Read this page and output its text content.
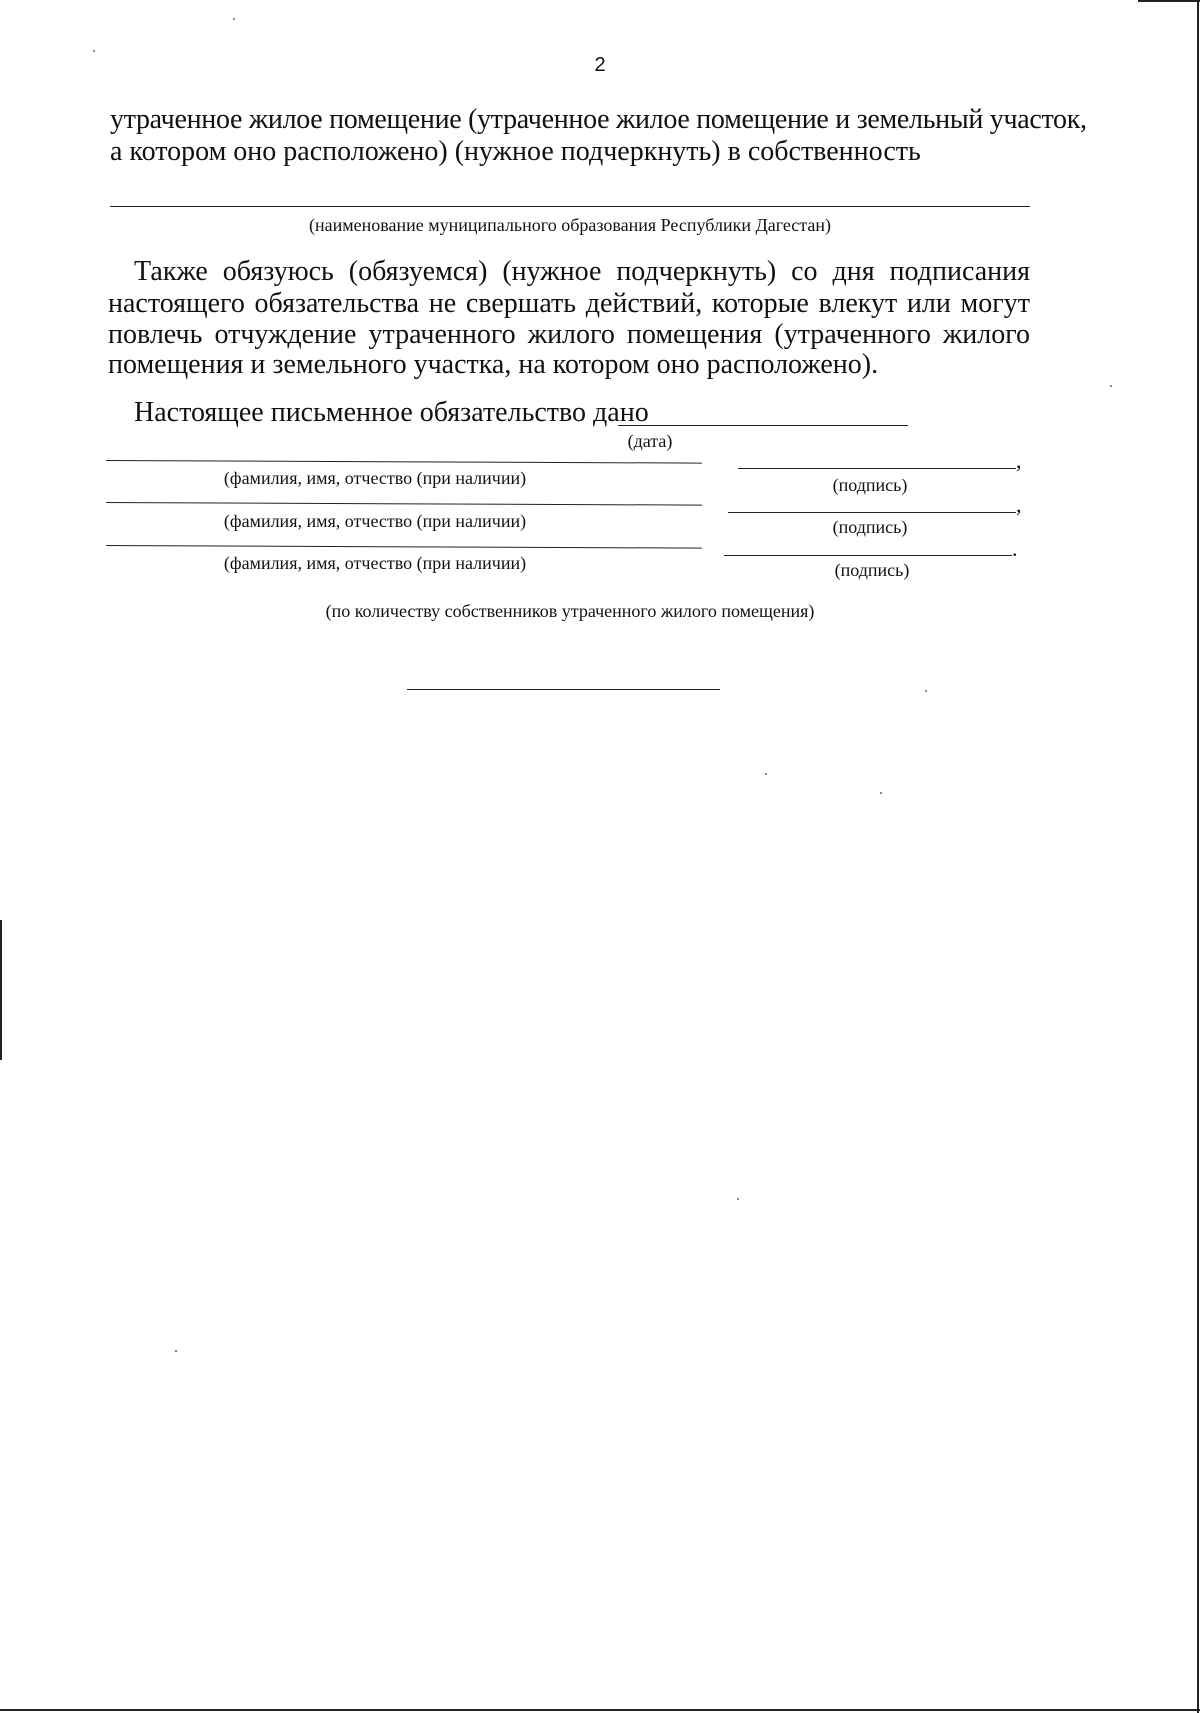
2
утраченное жилое помещение (утраченное жилое помещение и земельный участок,
а котором оно расположено) (нужное подчеркнуть) в собственность
(наименование муниципального образования Республики Дагестан)
Также обязуюсь (обязуемся) (нужное подчеркнуть) со дня подписания
настоящего обязательства не свершать действий, которые влекут или могут
повлечь отчуждение утраченного жилого помещения (утраченного жилого
помещения и земельного участка, на котором оно расположено).
Настоящее письменное обязательство дано
(дата)
(фамилия, имя, отчество (при наличии)
,
(подпись)
(фамилия, имя, отчество (при наличии)
,
(подпись)
(фамилия, имя, отчество (при наличии)
.
(подпись)
(по количеству собственников утраченного жилого помещения)
